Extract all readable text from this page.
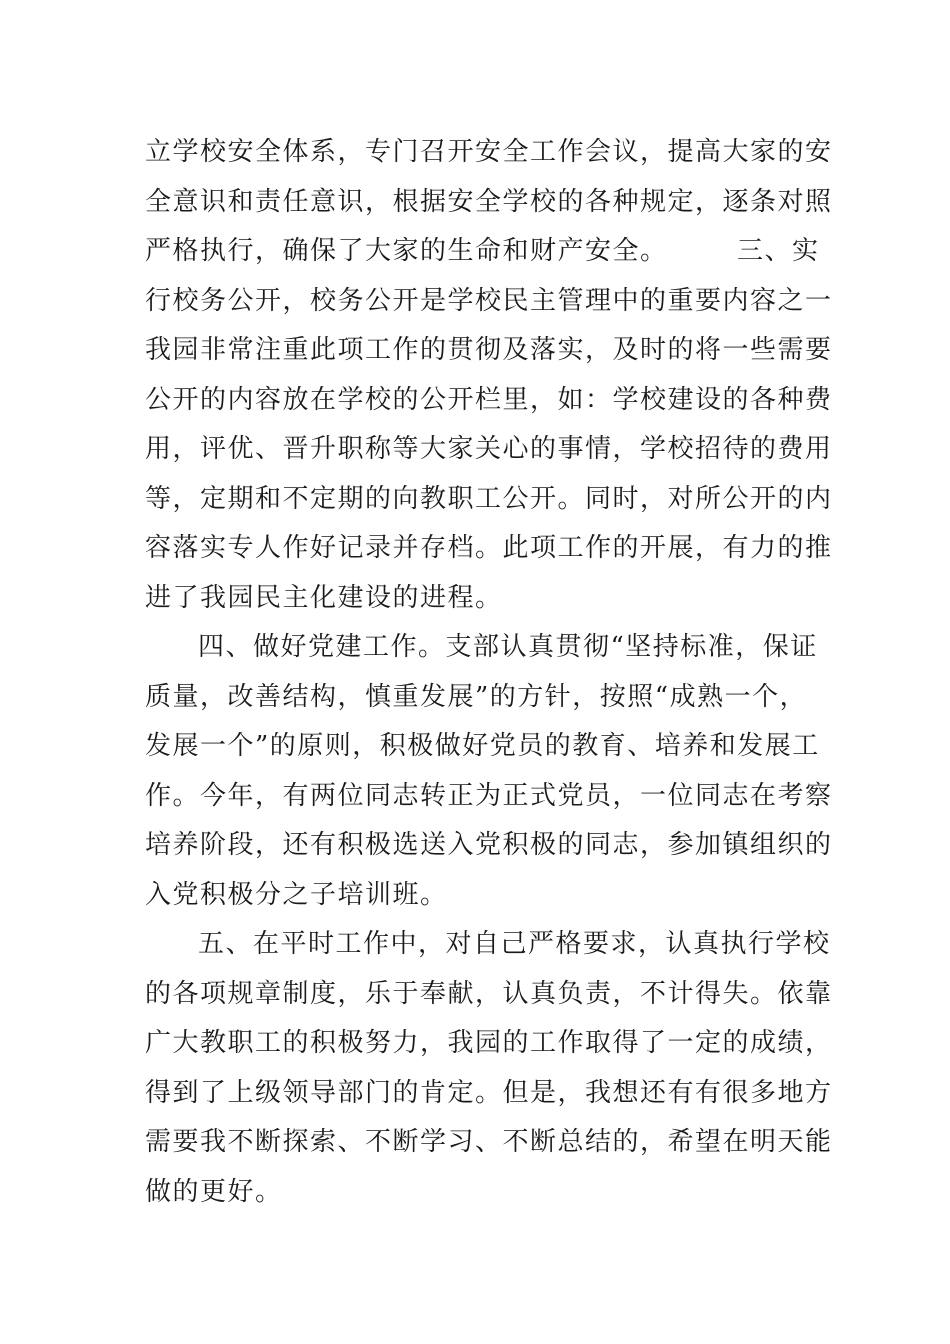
立学校安全体系，专门召开安全工作会议，提高大家的安
全意识和责任意识，根据安全学校的各种规定，逐条对照
严格执行，确保了大家的生命和财产安全。　　　三、实
行校务公开，校务公开是学校民主管理中的重要内容之一
我园非常注重此项工作的贯彻及落实，及时的将一些需要
公开的内容放在学校的公开栏里，如：学校建设的各种费
用，评优、晋升职称等大家关心的事情，学校招待的费用
等，定期和不定期的向教职工公开。同时，对所公开的内
容落实专人作好记录并存档。此项工作的开展，有力的推
进了我园民主化建设的进程。
四、做好党建工作。支部认真贯彻“坚持标准，保证
质量，改善结构，慎重发展”的方针，按照“成熟一个，
发展一个”的原则，积极做好党员的教育、培养和发展工
作。今年，有两位同志转正为正式党员，一位同志在考察
培养阶段，还有积极选送入党积极的同志，参加镇组织的
入党积极分之子培训班。
五、在平时工作中，对自己严格要求，认真执行学校
的各项规章制度，乐于奉献，认真负责，不计得失。依靠
广大教职工的积极努力，我园的工作取得了一定的成绩，
得到了上级领导部门的肯定。但是，我想还有有很多地方
需要我不断探索、不断学习、不断总结的，希望在明天能
做的更好。
